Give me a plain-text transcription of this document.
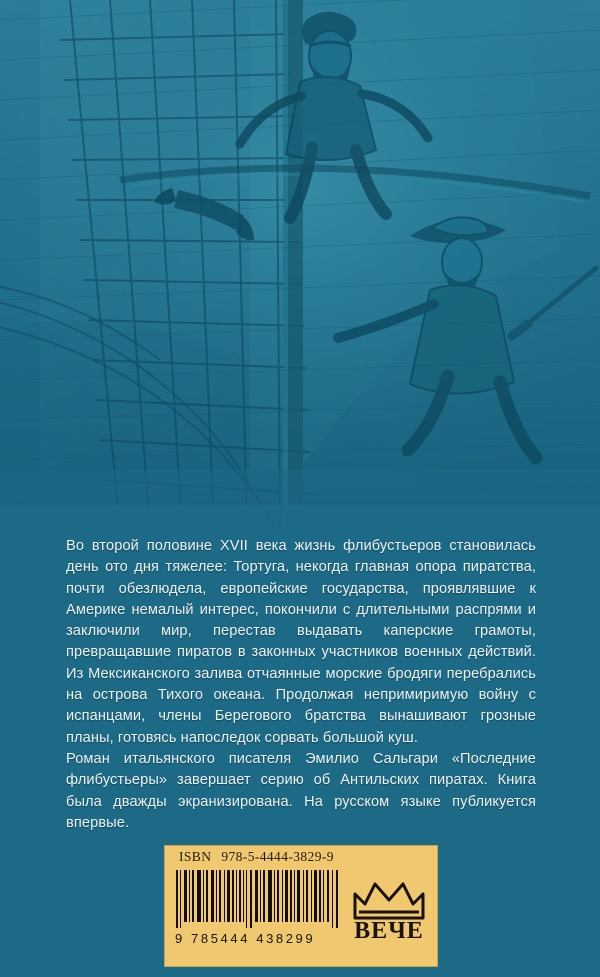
Во второй половине XVII века жизнь флибустьеров становилась день ото дня тяжелее: Тортуга, некогда главная опора пиратства, почти обезлюдела, европейские государства, проявлявшие к Америке немалый интерес, покончили с длительными распрями и заключили мир, перестав выдавать каперские грамоты, превращавшие пиратов в законных участников военных действий. Из Мексиканского залива отчаянные морские бродяги перебрались на острова Тихого океана. Продолжая непримиримую войну с испанцами, члены Берегового братства вынашивают грозные планы, готовясь напоследок сорвать большой куш.

Роман итальянского писателя Эмилио Сальгари «Последние флибустьеры» завершает серию об Антильских пиратах. Книга была дважды экранизирована. На русском языке публикуется впервые.

ISBN 978-5-4444-3829-9
9 785444 438299	ВЕЧЕ
